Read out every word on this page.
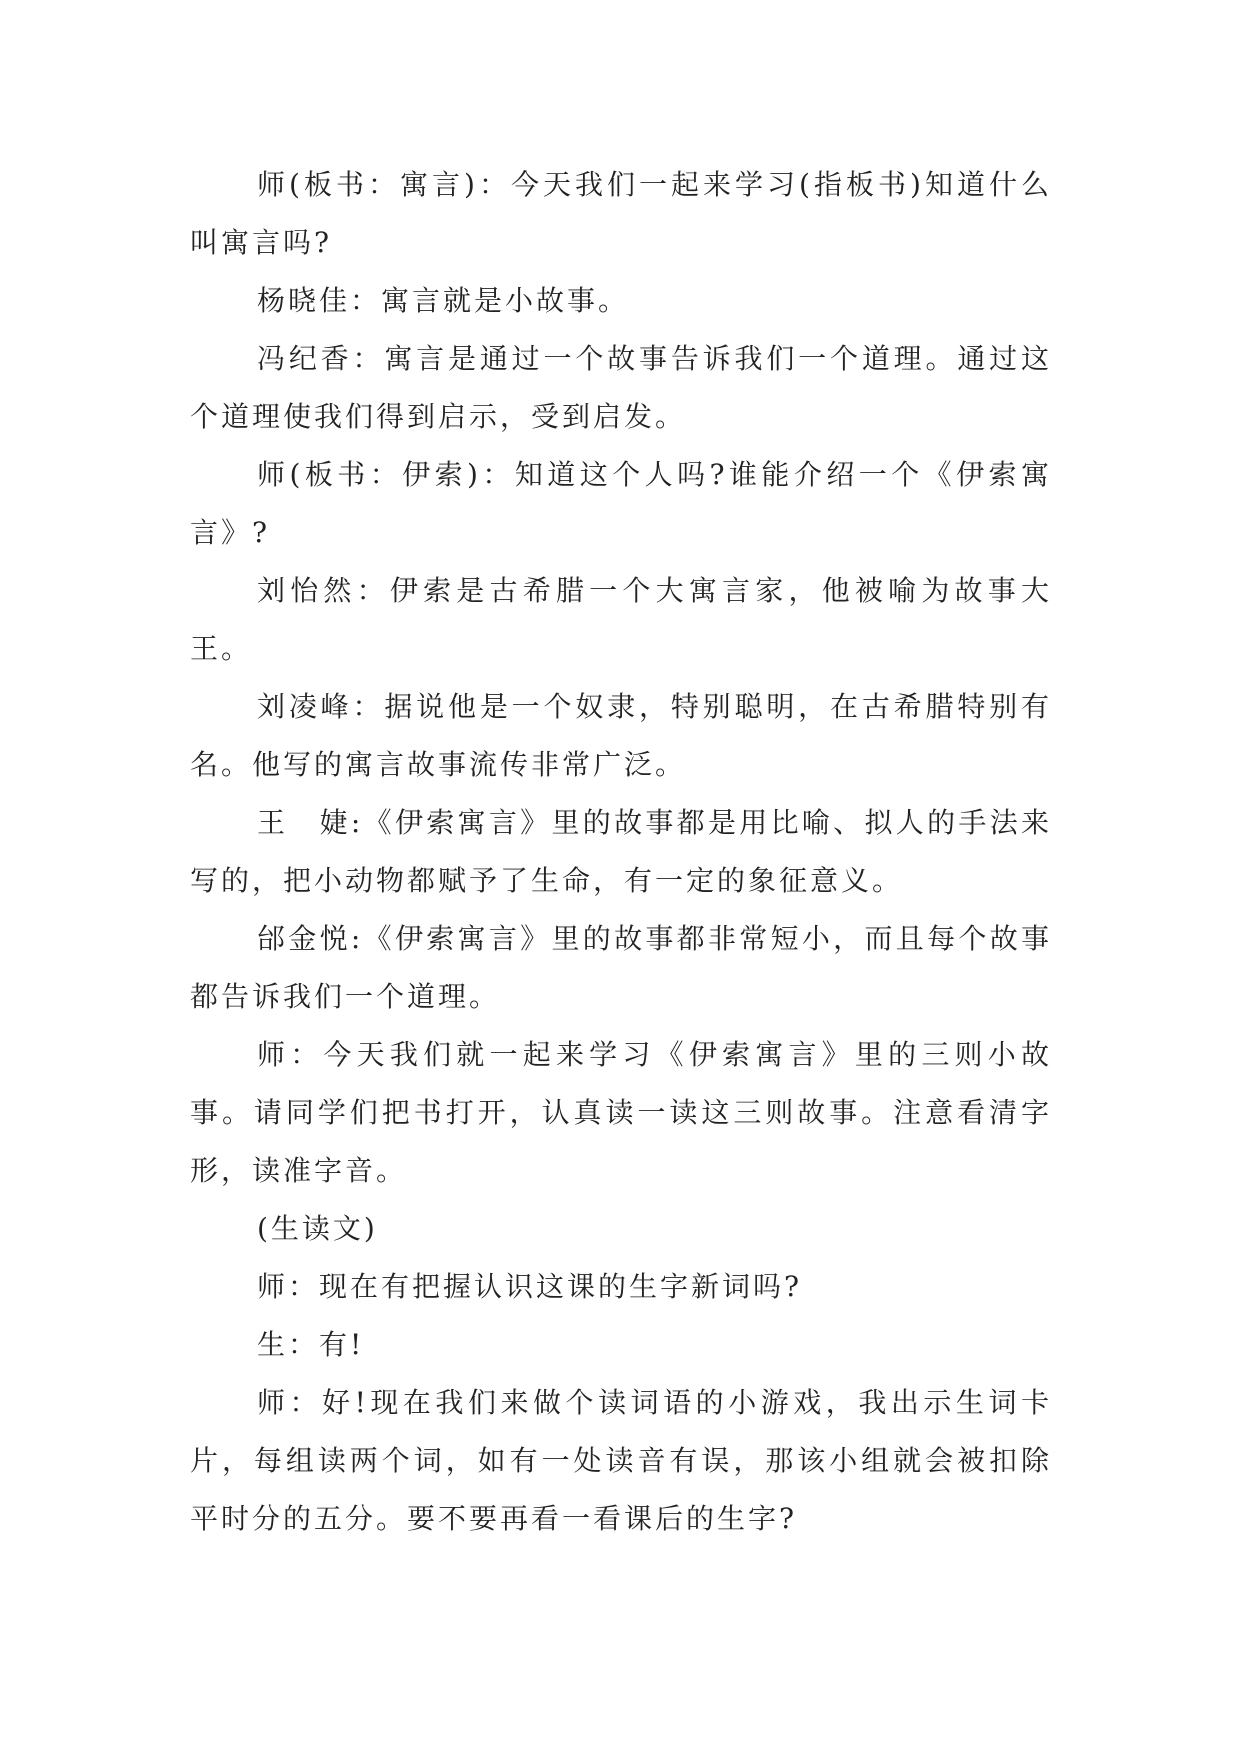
师(板书：寓言)：今天我们一起来学习(指板书)知道什么叫寓言吗?

杨晓佳：寓言就是小故事。

冯纪香：寓言是通过一个故事告诉我们一个道理。通过这个道理使我们得到启示，受到启发。

师(板书：伊索)：知道这个人吗?谁能介绍一个《伊索寓言》?

刘怡然：伊索是古希腊一个大寓言家，他被喻为故事大王。

刘凌峰：据说他是一个奴隶，特别聪明，在古希腊特别有名。他写的寓言故事流传非常广泛。

王　婕:《伊索寓言》里的故事都是用比喻、拟人的手法来写的，把小动物都赋予了生命，有一定的象征意义。

邰金悦:《伊索寓言》里的故事都非常短小，而且每个故事都告诉我们一个道理。

师：今天我们就一起来学习《伊索寓言》里的三则小故事。请同学们把书打开，认真读一读这三则故事。注意看清字形，读准字音。

(生读文)

师：现在有把握认识这课的生字新词吗?

生：有!

师：好!现在我们来做个读词语的小游戏，我出示生词卡片，每组读两个词，如有一处读音有误，那该小组就会被扣除平时分的五分。要不要再看一看课后的生字?
